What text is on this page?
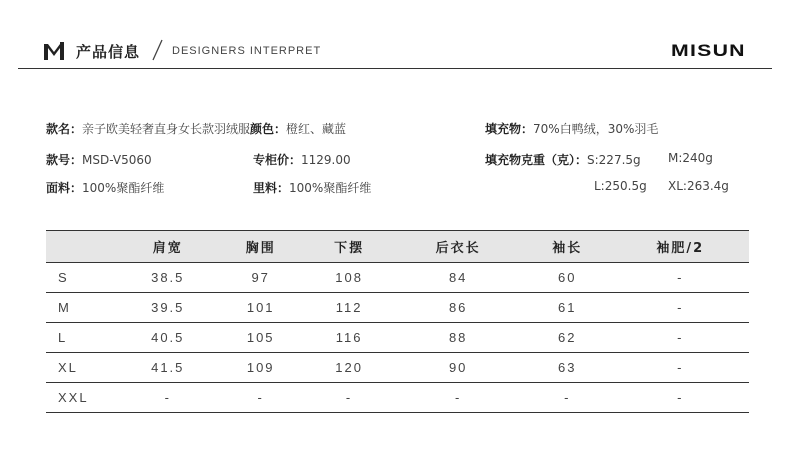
产品信息	DESIGNERS INTERPRET	MISUN
款名：亲子欧美轻奢直身女长款羽绒服颜色：橙红、藏蓝	填充物：70%白鸭绒，30%羽毛
款号：MSD-V5060	专柜价：1129.00	填充物克重（克）：S:227.5g M:240g
面料：100%聚酯纤维	里料：100%聚酯纤维	L:250.5g XL:263.4g
	肩宽	胸围	下摆	后衣长	袖长	袖肥/2
S	38.5	97	108	84	60	-
M	39.5	101	112	86	61	-
L	40.5	105	116	88	62	-
XL	41.5	109	120	90	63	-
XXL	-	-	-	-	-	-
